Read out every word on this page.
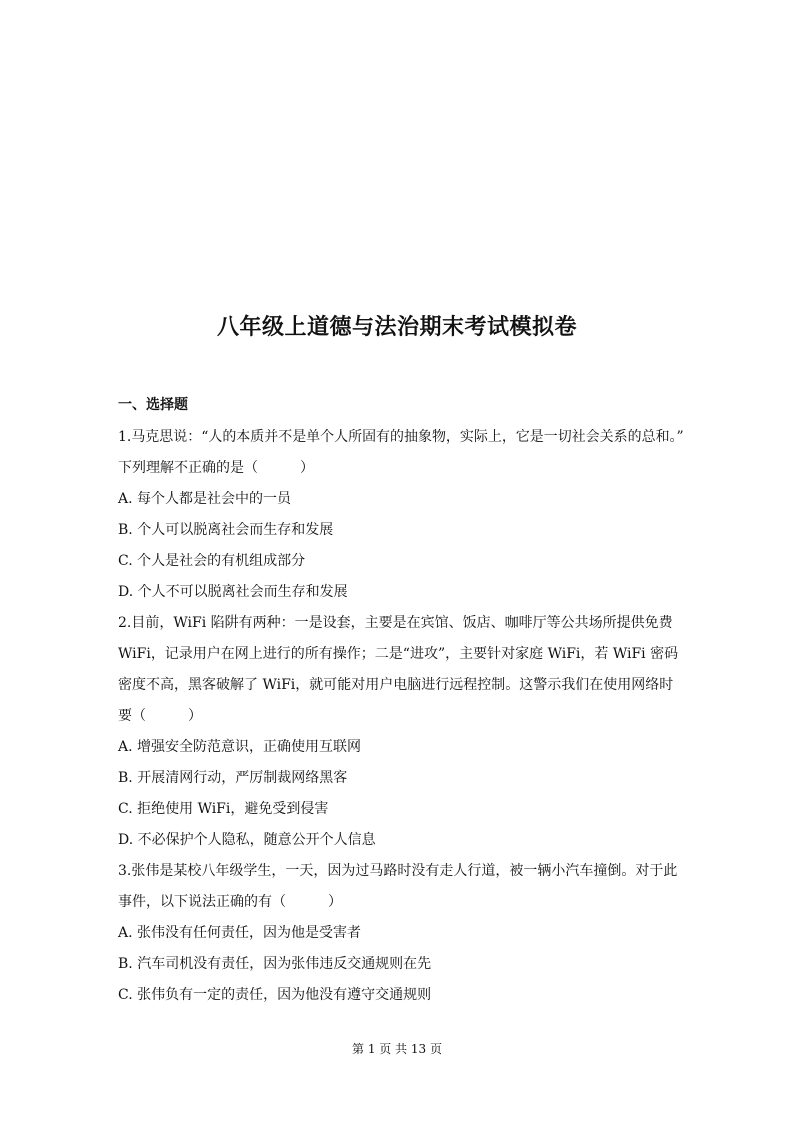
八年级上道德与法治期末考试模拟卷
一、选择题
1.马克思说：“人的本质并不是单个人所固有的抽象物，实际上，它是一切社会关系的总和。”
下列理解不正确的是（	）
A. 每个人都是社会中的一员
B. 个人可以脱离社会而生存和发展
C. 个人是社会的有机组成部分
D. 个人不可以脱离社会而生存和发展
2.目前，WiFi 陷阱有两种：一是设套，主要是在宾馆、饭店、咖啡厅等公共场所提供免费
WiFi，记录用户在网上进行的所有操作；二是“进攻”，主要针对家庭 WiFi，若 WiFi 密码
密度不高，黑客破解了 WiFi，就可能对用户电脑进行远程控制。这警示我们在使用网络时
要（	）
A. 增强安全防范意识，正确使用互联网
B. 开展清网行动，严厉制裁网络黑客
C. 拒绝使用 WiFi，避免受到侵害
D. 不必保护个人隐私，随意公开个人信息
3.张伟是某校八年级学生，一天，因为过马路时没有走人行道，被一辆小汽车撞倒。对于此
事件，以下说法正确的有（	）
A. 张伟没有任何责任，因为他是受害者
B. 汽车司机没有责任，因为张伟违反交通规则在先
C. 张伟负有一定的责任，因为他没有遵守交通规则
第 1 页 共 13 页
